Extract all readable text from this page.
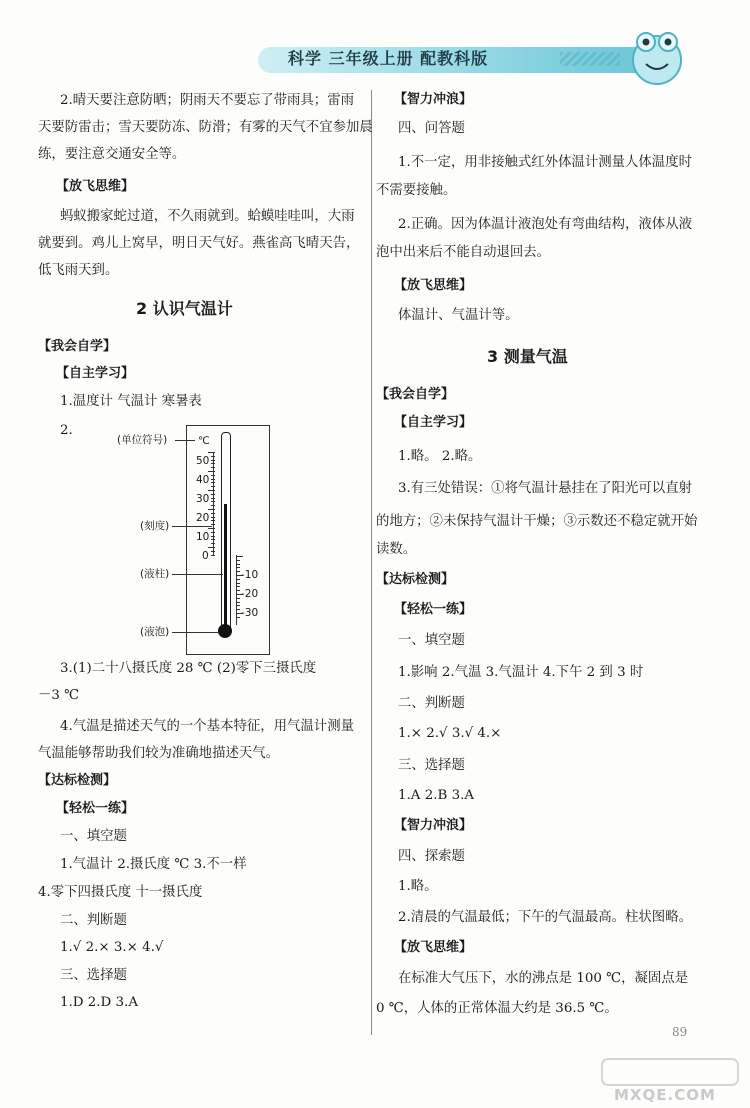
科学 三年级上册 配教科版
2.晴天要注意防晒；阴雨天不要忘了带雨具；雷雨
天要防雷击；雪天要防冻、防滑；有雾的天气不宜参加晨
练，要注意交通安全等。
【放飞思维】
蚂蚁搬家蛇过道，不久雨就到。蛤蟆哇哇叫，大雨
就要到。鸡儿上窝早，明日天气好。燕雀高飞晴天告，
低飞雨天到。
2 认识气温计
【我会自学】
【自主学习】
1.温度计 气温计 寒暑表
2.
℃
50
40
30
20
10
0
-10
-20
-30
(单位符号)
(刻度)
(液柱)
(液泡)
3.(1)二十八摄氏度 28 ℃ (2)零下三摄氏度
－3 ℃
4.气温是描述天气的一个基本特征，用气温计测量
气温能够帮助我们较为准确地描述天气。
【达标检测】
【轻松一练】
一、填空题
1.气温计 2.摄氏度 ℃ 3.不一样
4.零下四摄氏度 十一摄氏度
二、判断题
1.√ 2.× 3.× 4.√
三、选择题
1.D 2.D 3.A
【智力冲浪】
四、问答题
1.不一定，用非接触式红外体温计测量人体温度时
不需要接触。
2.正确。因为体温计液泡处有弯曲结构，液体从液
泡中出来后不能自动退回去。
【放飞思维】
体温计、气温计等。
3 测量气温
【我会自学】
【自主学习】
1.略。 2.略。
3.有三处错误：①将气温计悬挂在了阳光可以直射
的地方；②未保持气温计干燥；③示数还不稳定就开始
读数。
【达标检测】
【轻松一练】
一、填空题
1.影响 2.气温 3.气温计 4.下午 2 到 3 时
二、判断题
1.× 2.√ 3.√ 4.×
三、选择题
1.A 2.B 3.A
【智力冲浪】
四、探索题
1.略。
2.清晨的气温最低；下午的气温最高。柱状图略。
【放飞思维】
在标准大气压下，水的沸点是 100 ℃，凝固点是
0 ℃，人体的正常体温大约是 36.5 ℃。
89
MXQE.COM
